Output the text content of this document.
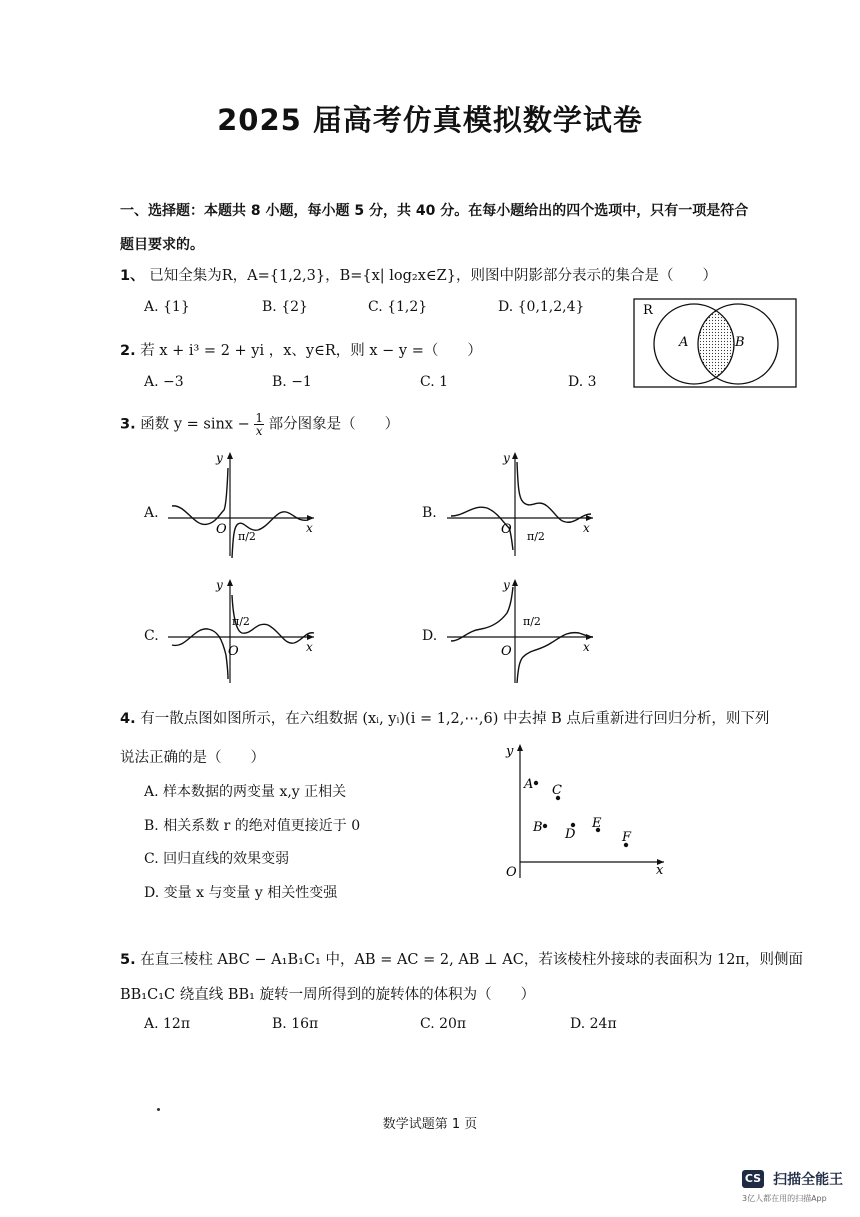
2025 届高考仿真模拟数学试卷
一、选择题：本题共 8 小题，每小题 5 分，共 40 分。在每小题给出的四个选项中，只有一项是符合
题目要求的。
1、 已知全集为R，A={1,2,3}，B={x| log₂x∈Z}，则图中阴影部分表示的集合是（　　）
A. {1}	B. {2}	C. {1,2}	D. {0,1,2,4}	R
A	B
2. 若 x + i³ = 2 + yi ，x、y∈R，则 x − y =（　　）
A. −3	B. −1	C. 1	D. 3
3. 函数 $y = \sin x - \frac{1}{x}$ 部分图象是（　　）
A.	B.
C.	D.
O	x
y
π/2	O	x
y
π/2
O	x
y
π/2
O	x
y
π/2
4. 有一散点图如图所示，在六组数据 (xᵢ, yᵢ)(i = 1,2,⋯,6) 中去掉 B 点后重新进行回归分析，则下列
说法正确的是（　　）
A. 样本数据的两变量 x,y 正相关
B. 相关系数 r 的绝对值更接近于 0
C. 回归直线的效果变弱
D. 变量 x 与变量 y 相关性变强
y
x
O
A C
B D
E
F
5. 在直三棱柱 ABC − A₁B₁C₁ 中，AB = AC = 2, AB ⊥ AC，若该棱柱外接球的表面积为 12π，则侧面
BB₁C₁C 绕直线 BB₁ 旋转一周所得到的旋转体的体积为（　　）
A. 12π	B. 16π	C. 20π	D. 24π
数学试题第 1 页
CS 扫描全能王
3亿人都在用的扫描App
